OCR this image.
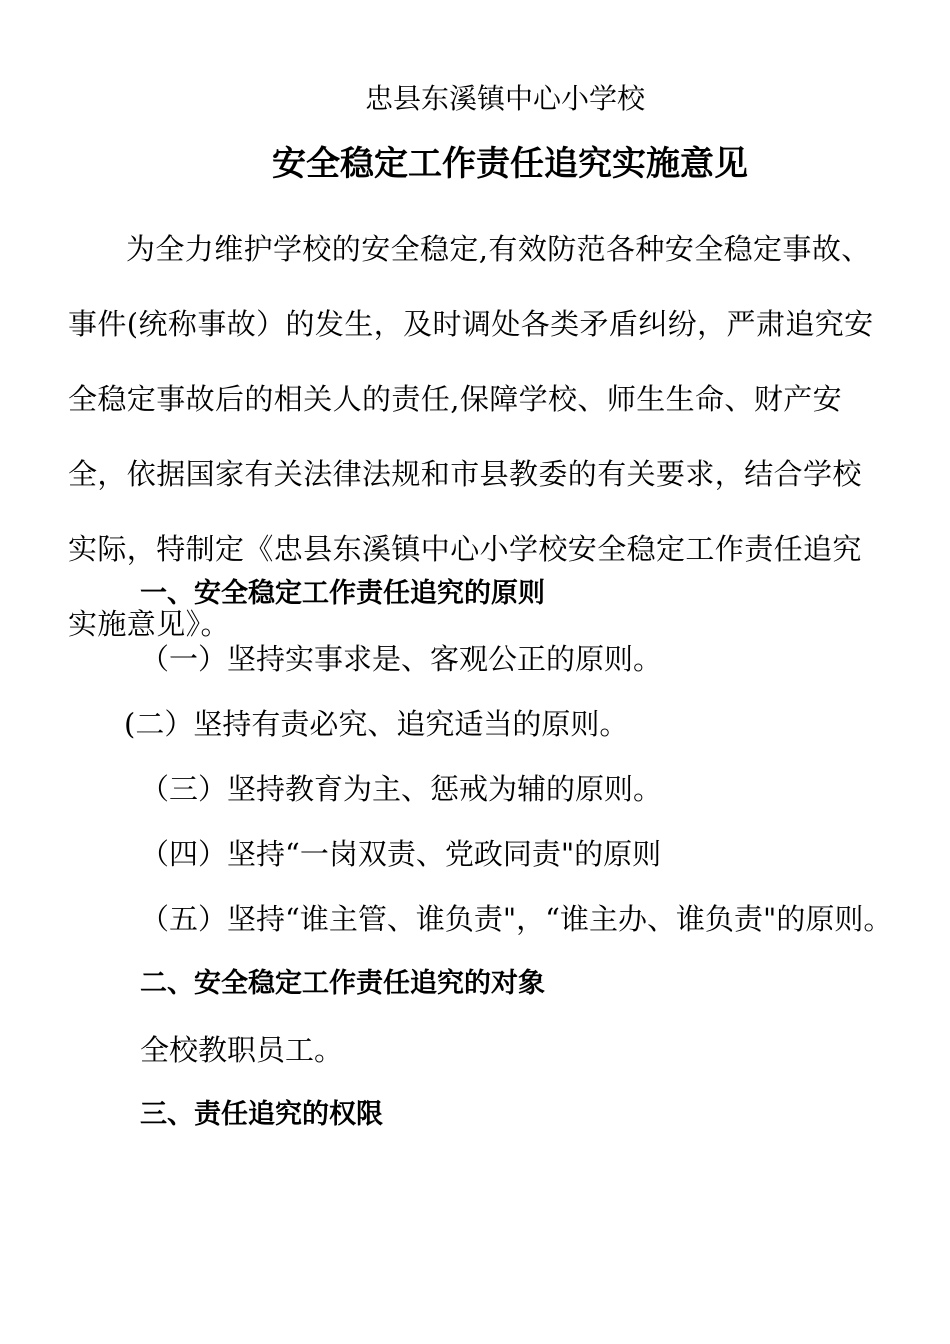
忠县东溪镇中心小学校
安全稳定工作责任追究实施意见

为全力维护学校的安全稳定,有效防范各种安全稳定事故、事件(统称事故）的发生，及时调处各类矛盾纠纷，严肃追究安全稳定事故后的相关人的责任,保障学校、师生生命、财产安全，依据国家有关法律法规和市县教委的有关要求，结合学校实际，特制定《忠县东溪镇中心小学校安全稳定工作责任追究实施意见》。

一、安全稳定工作责任追究的原则

（一）坚持实事求是、客观公正的原则。

(二）坚持有责必究、追究适当的原则。

（三）坚持教育为主、惩戒为辅的原则。

（四）坚持“一岗双责、党政同责"的原则

（五）坚持“谁主管、谁负责"，“谁主办、谁负责"的原则。

二、安全稳定工作责任追究的对象

全校教职员工。

三、责任追究的权限
